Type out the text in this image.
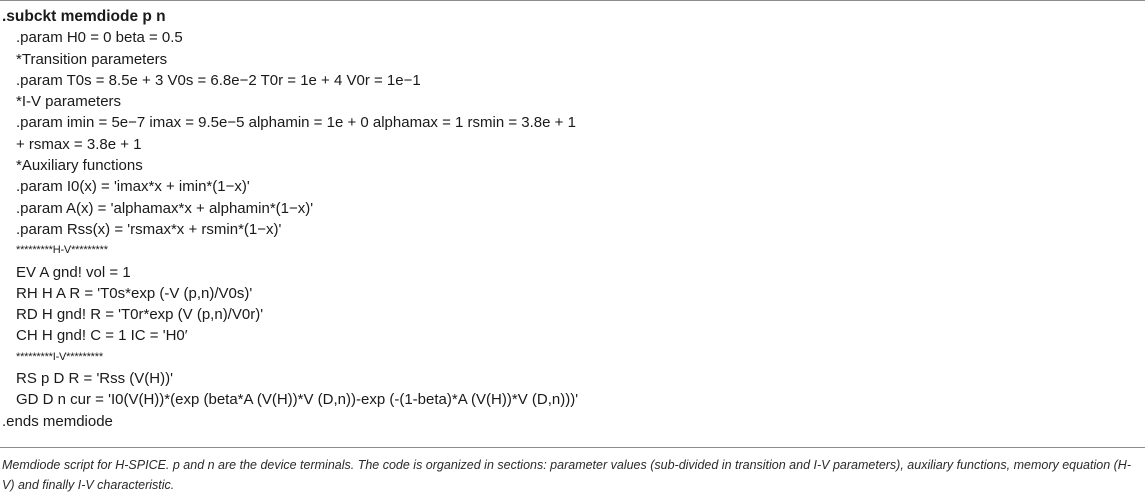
.subckt memdiode p n
.param H0 = 0 beta = 0.5
*Transition parameters
.param T0s = 8.5e + 3 V0s = 6.8e−2 T0r = 1e + 4 V0r = 1e−1
*I-V parameters
.param imin = 5e−7 imax = 9.5e−5 alphamin = 1e + 0 alphamax = 1 rsmin = 3.8e + 1
+ rsmax = 3.8e + 1
*Auxiliary functions
.param I0(x) = 'imax*x + imin*(1−x)'
.param A(x) = 'alphamax*x + alphamin*(1−x)'
.param Rss(x) = 'rsmax*x + rsmin*(1−x)'
*********H-V*********
EV A gnd! vol = 1
RH H A R = 'T0s*exp (-V (p,n)/V0s)'
RD H gnd! R = 'T0r*exp (V (p,n)/V0r)'
CH H gnd! C = 1 IC = 'H0′
*********I-V*********
RS p D R = 'Rss (V(H))'
GD D n cur = 'I0(V(H))*(exp (beta*A (V(H))*V (D,n))-exp (-(1-beta)*A (V(H))*V (D,n)))'
.ends memdiode

Memdiode script for H-SPICE. p and n are the device terminals. The code is organized in sections: parameter values (sub-divided in transition and I-V parameters), auxiliary functions, memory equation (H-V) and finally I-V characteristic.
